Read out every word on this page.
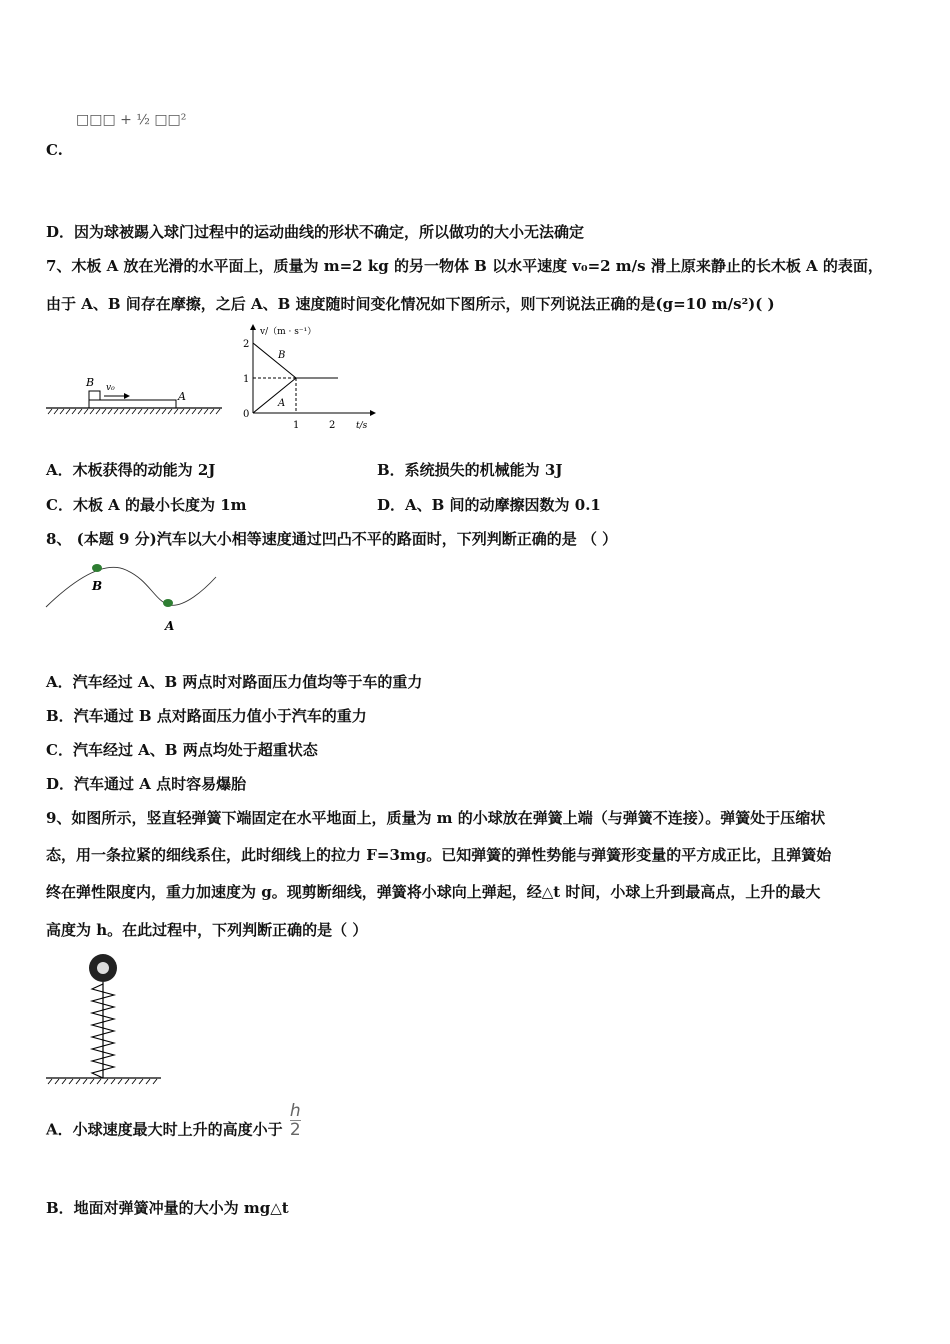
□□□ + ½ □□²
C.
D．因为球被踢入球门过程中的运动曲线的形状不确定，所以做功的大小无法确定
7、木板 A 放在光滑的水平面上，质量为 m=2 kg 的另一物体 B 以水平速度 v₀=2 m/s 滑上原来静止的长木板 A 的表面，
由于 A、B 间存在摩擦，之后 A、B 速度随时间变化情况如下图所示，则下列说法正确的是(g=10 m/s²)( )
B v₀
A
v/（m · s⁻¹）
t/s
0
1
2
1	2
B
A
A．木板获得的动能为 2J	B．系统损失的机械能为 3J
C．木板 A 的最小长度为 1m	D．A、B 间的动摩擦因数为 0.1
8、 (本题 9 分)汽车以大小相等速度通过凹凸不平的路面时，下列判断正确的是 （ ）
B
A
A．汽车经过 A、B 两点时对路面压力值均等于车的重力
B．汽车通过 B 点对路面压力值小于汽车的重力
C．汽车经过 A、B 两点均处于超重状态
D．汽车通过 A 点时容易爆胎
9、如图所示，竖直轻弹簧下端固定在水平地面上，质量为 m 的小球放在弹簧上端（与弹簧不连接）。弹簧处于压缩状
态，用一条拉紧的细线系住，此时细线上的拉力 F=3mg。已知弹簧的弹性势能与弹簧形变量的平方成正比，且弹簧始
终在弹性限度内，重力加速度为 g。现剪断细线，弹簧将小球向上弹起，经△t 时间，小球上升到最高点，上升的最大
高度为 h。在此过程中，下列判断正确的是（ ）
A．小球速度最大时上升的高度小于 $\frac{h}{2}$
B．地面对弹簧冲量的大小为 mg△t
